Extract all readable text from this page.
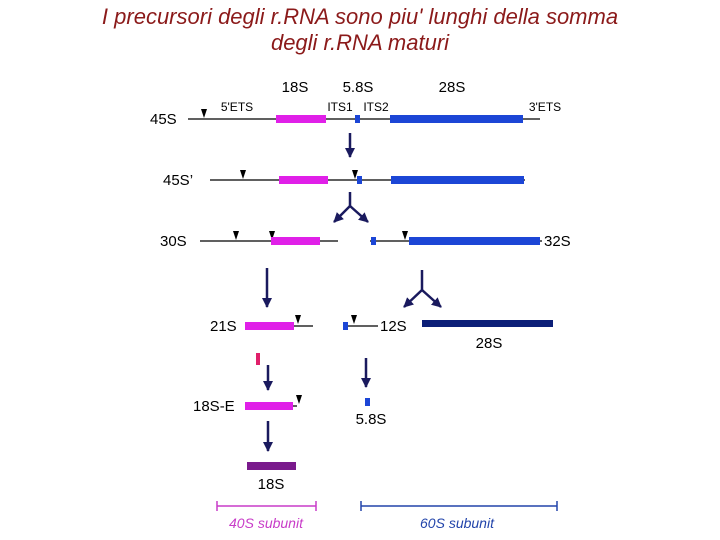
I precursori degli r.RNA sono piu' lunghi della somma
degli r.RNA maturi
18S 5.8S	28S
5'ETS	ITS1 ITS2	3'ETS
45S
45S’
30S	32S
21S	12S
28S
18S-E
5.8S
18S
40S subunit	60S subunit
